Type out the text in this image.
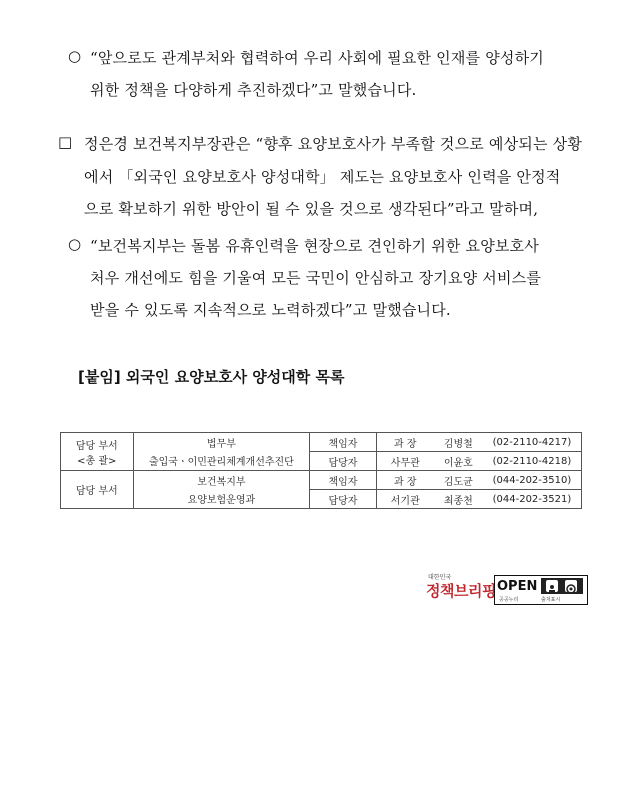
○ “앞으로도 관계부처와 협력하여 우리 사회에 필요한 인재를 양성하기
위한 정책을 다양하게 추진하겠다”고 말했습니다.
□ 정은경 보건복지부장관은 “향후 요양보호사가 부족할 것으로 예상되는 상황
에서 「외국인 요양보호사 양성대학」 제도는 요양보호사 인력을 안정적
으로 확보하기 위한 방안이 될 수 있을 것으로 생각된다”라고 말하며,
○ “보건복지부는 돌봄 유휴인력을 현장으로 견인하기 위한 요양보호사
처우 개선에도 힘을 기울여 모든 국민이 안심하고 장기요양 서비스를
받을 수 있도록 지속적으로 노력하겠다”고 말했습니다.
[붙임] 외국인 요양보호사 양성대학 목록
담당 부서
<총 괄>	법무부	책임자	과 장	김병철	(02-2110-4217)
	출입국ㆍ이민관리체계개선추진단	담당자	사무관	이윤호	(02-2110-4218)

담당 부서	보건복지부	책임자	과 장	김도균	(044-202-3510)
	요양보험운영과	담당자	서기관	최종천	(044-202-3521)
대한민국
정책브리핑 OPEN
공공누리	출처표시
